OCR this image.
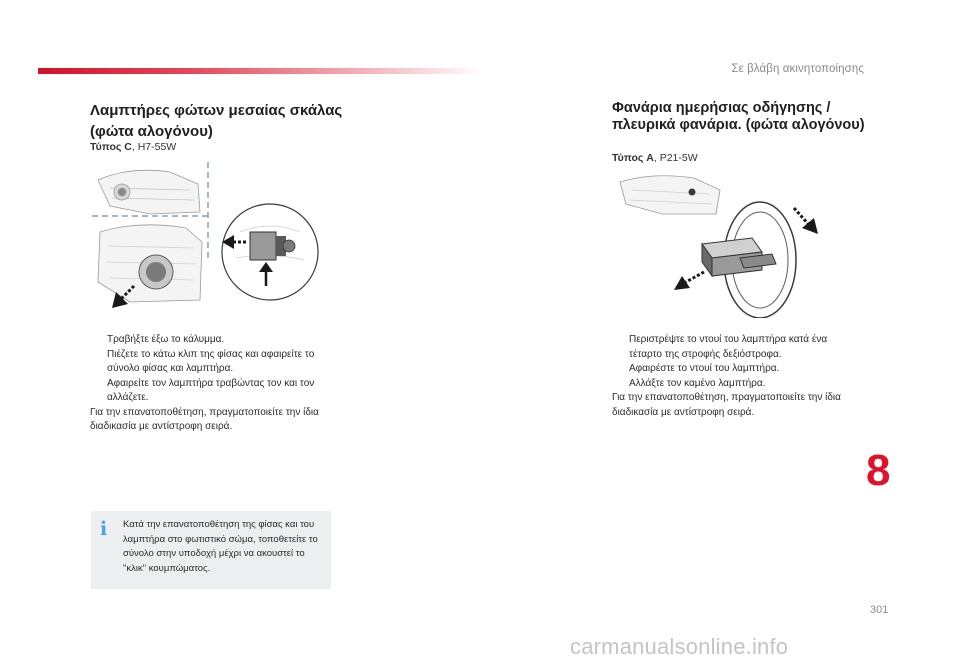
Σε βλάβη ακινητοποίησης
Λαμπτήρες φώτων μεσαίας σκάλας (φώτα αλογόνου)
Τύπος C, H7-55W
Τραβήξτε έξω το κάλυμμα.
Πιέζετε το κάτω κλιπ της φίσας και αφαιρείτε το σύνολο φίσας και λαμπτήρα.
Αφαιρείτε τον λαμπτήρα τραβώντας τον και τον αλλάζετε.
Για την επανατοποθέτηση, πραγματοποιείτε την ίδια διαδικασία με αντίστροφη σειρά.
i Κατά την επανατοποθέτηση της φίσας και του λαμπτήρα στο φωτιστικό σώμα, τοποθετείτε το σύνολο στην υποδοχή μέχρι να ακουστεί το "κλικ" κουμπώματος.
Φανάρια ημερήσιας οδήγησης / πλευρικά φανάρια. (φώτα αλογόνου)
Τύπος A, P21-5W
Περιστρέψτε το ντουί του λαμπτήρα κατά ένα τέταρτο της στροφής δεξιόστροφα.
Αφαιρέστε το ντουί του λαμπτήρα.
Αλλάξτε τον καμένο λαμπτήρα.
Για την επανατοποθέτηση, πραγματοποιείτε την ίδια διαδικασία με αντίστροφη σειρά.
8
301
carmanualsonline.info
